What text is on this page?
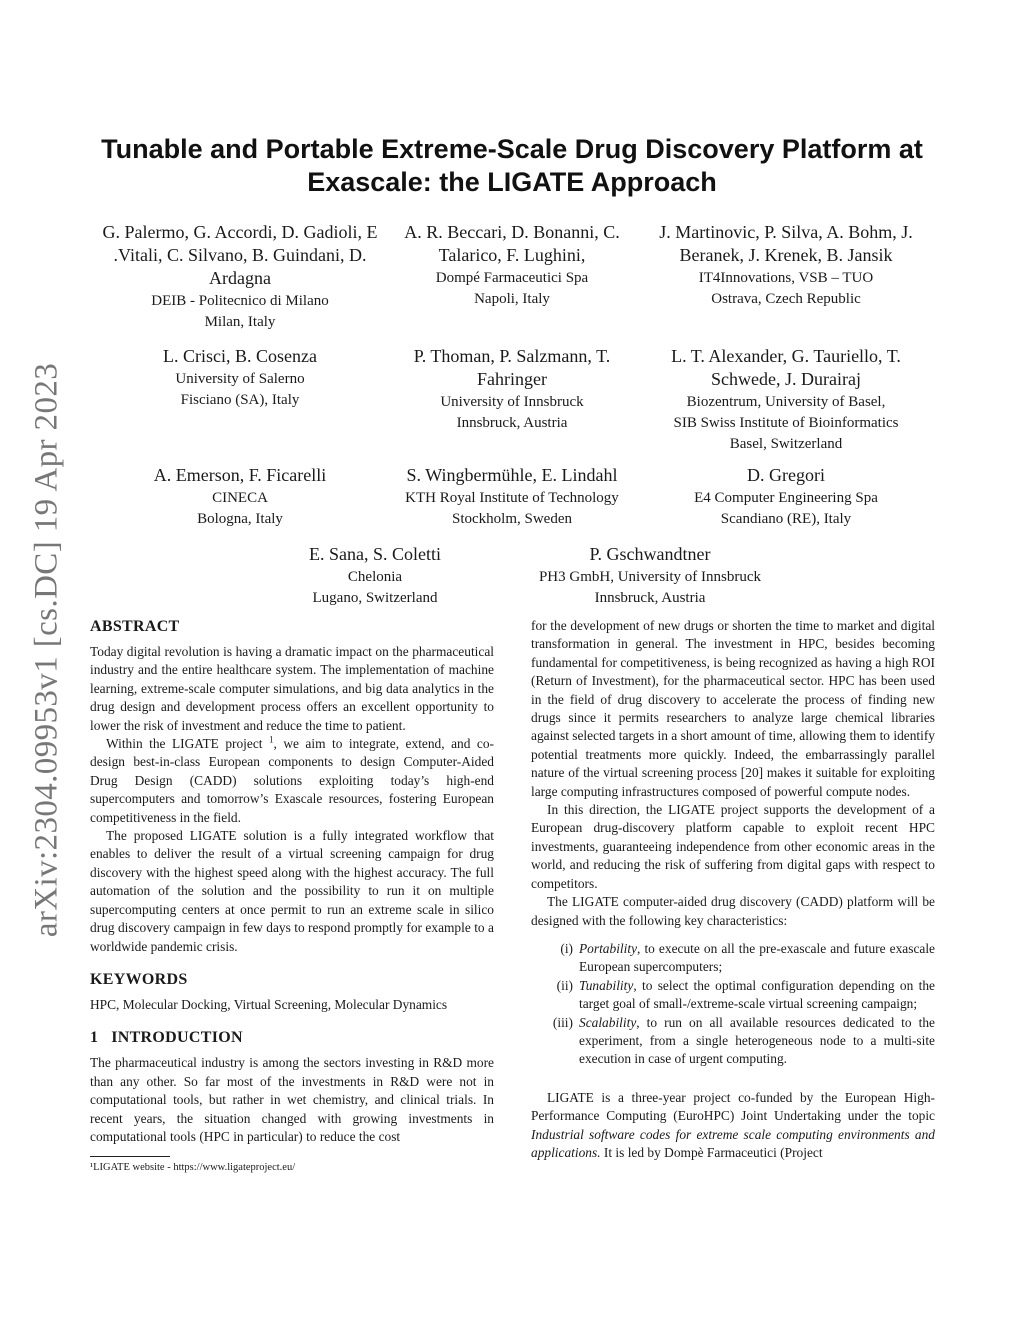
arXiv:2304.09953v1 [cs.DC] 19 Apr 2023
Tunable and Portable Extreme-Scale Drug Discovery Platform at Exascale: the LIGATE Approach
G. Palermo, G. Accordi, D. Gadioli, E .Vitali, C. Silvano, B. Guindani, D. Ardagna
DEIB - Politecnico di Milano
Milan, Italy
A. R. Beccari, D. Bonanni, C. Talarico, F. Lughini,
Dompé Farmaceutici Spa
Napoli, Italy
J. Martinovic, P. Silva, A. Bohm, J. Beranek, J. Krenek, B. Jansik
IT4Innovations, VSB – TUO
Ostrava, Czech Republic
L. Crisci, B. Cosenza
University of Salerno
Fisciano (SA), Italy
P. Thoman, P. Salzmann, T. Fahringer
University of Innsbruck
Innsbruck, Austria
L. T. Alexander, G. Tauriello, T. Schwede, J. Durairaj
Biozentrum, University of Basel,
SIB Swiss Institute of Bioinformatics
Basel, Switzerland
A. Emerson, F. Ficarelli
CINECA
Bologna, Italy
S. Wingbermühle, E. Lindahl
KTH Royal Institute of Technology
Stockholm, Sweden
D. Gregori
E4 Computer Engineering Spa
Scandiano (RE), Italy
E. Sana, S. Coletti
Chelonia
Lugano, Switzerland
P. Gschwandtner
PH3 GmbH, University of Innsbruck
Innsbruck, Austria
ABSTRACT

Today digital revolution is having a dramatic impact on the pharmaceutical industry and the entire healthcare system. The implementation of machine learning, extreme-scale computer simulations, and big data analytics in the drug design and development process offers an excellent opportunity to lower the risk of investment and reduce the time to patient.

Within the LIGATE project $^1$, we aim to integrate, extend, and co-design best-in-class European components to design Computer-Aided Drug Design (CADD) solutions exploiting today’s high-end supercomputers and tomorrow’s Exascale resources, fostering European competitiveness in the field.

The proposed LIGATE solution is a fully integrated workflow that enables to deliver the result of a virtual screening campaign for drug discovery with the highest speed along with the highest accuracy. The full automation of the solution and the possibility to run it on multiple supercomputing centers at once permit to run an extreme scale in silico drug discovery campaign in few days to respond promptly for example to a worldwide pandemic crisis.

KEYWORDS

HPC, Molecular Docking, Virtual Screening, Molecular Dynamics

1   INTRODUCTION

The pharmaceutical industry is among the sectors investing in R&D more than any other. So far most of the investments in R&D were not in computational tools, but rather in wet chemistry, and clinical trials. In recent years, the situation changed with growing investments in computational tools (HPC in particular) to reduce the cost

¹LIGATE website - https://www.ligateproject.eu/

for the development of new drugs or shorten the time to market and digital transformation in general. The investment in HPC, besides becoming fundamental for competitiveness, is being recognized as having a high ROI (Return of Investment), for the pharmaceutical sector. HPC has been used in the field of drug discovery to accelerate the process of finding new drugs since it permits researchers to analyze large chemical libraries against selected targets in a short amount of time, allowing them to identify potential treatments more quickly. Indeed, the embarrassingly parallel nature of the virtual screening process [20] makes it suitable for exploiting large computing infrastructures composed of powerful compute nodes.

In this direction, the LIGATE project supports the development of a European drug-discovery platform capable to exploit recent HPC investments, guaranteeing independence from other economic areas in the world, and reducing the risk of suffering from digital gaps with respect to competitors.

The LIGATE computer-aided drug discovery (CADD) platform will be designed with the following key characteristics:

(i) Portability, to execute on all the pre-exascale and future exascale European supercomputers;
(ii) Tunability, to select the optimal configuration depending on the target goal of small-/extreme-scale virtual screening campaign;
(iii) Scalability, to run on all available resources dedicated to the experiment, from a single heterogeneous node to a multi-site execution in case of urgent computing.

LIGATE is a three-year project co-funded by the European High-Performance Computing (EuroHPC) Joint Undertaking under the topic Industrial software codes for extreme scale computing environments and applications. It is led by Dompè Farmaceutici (Project
